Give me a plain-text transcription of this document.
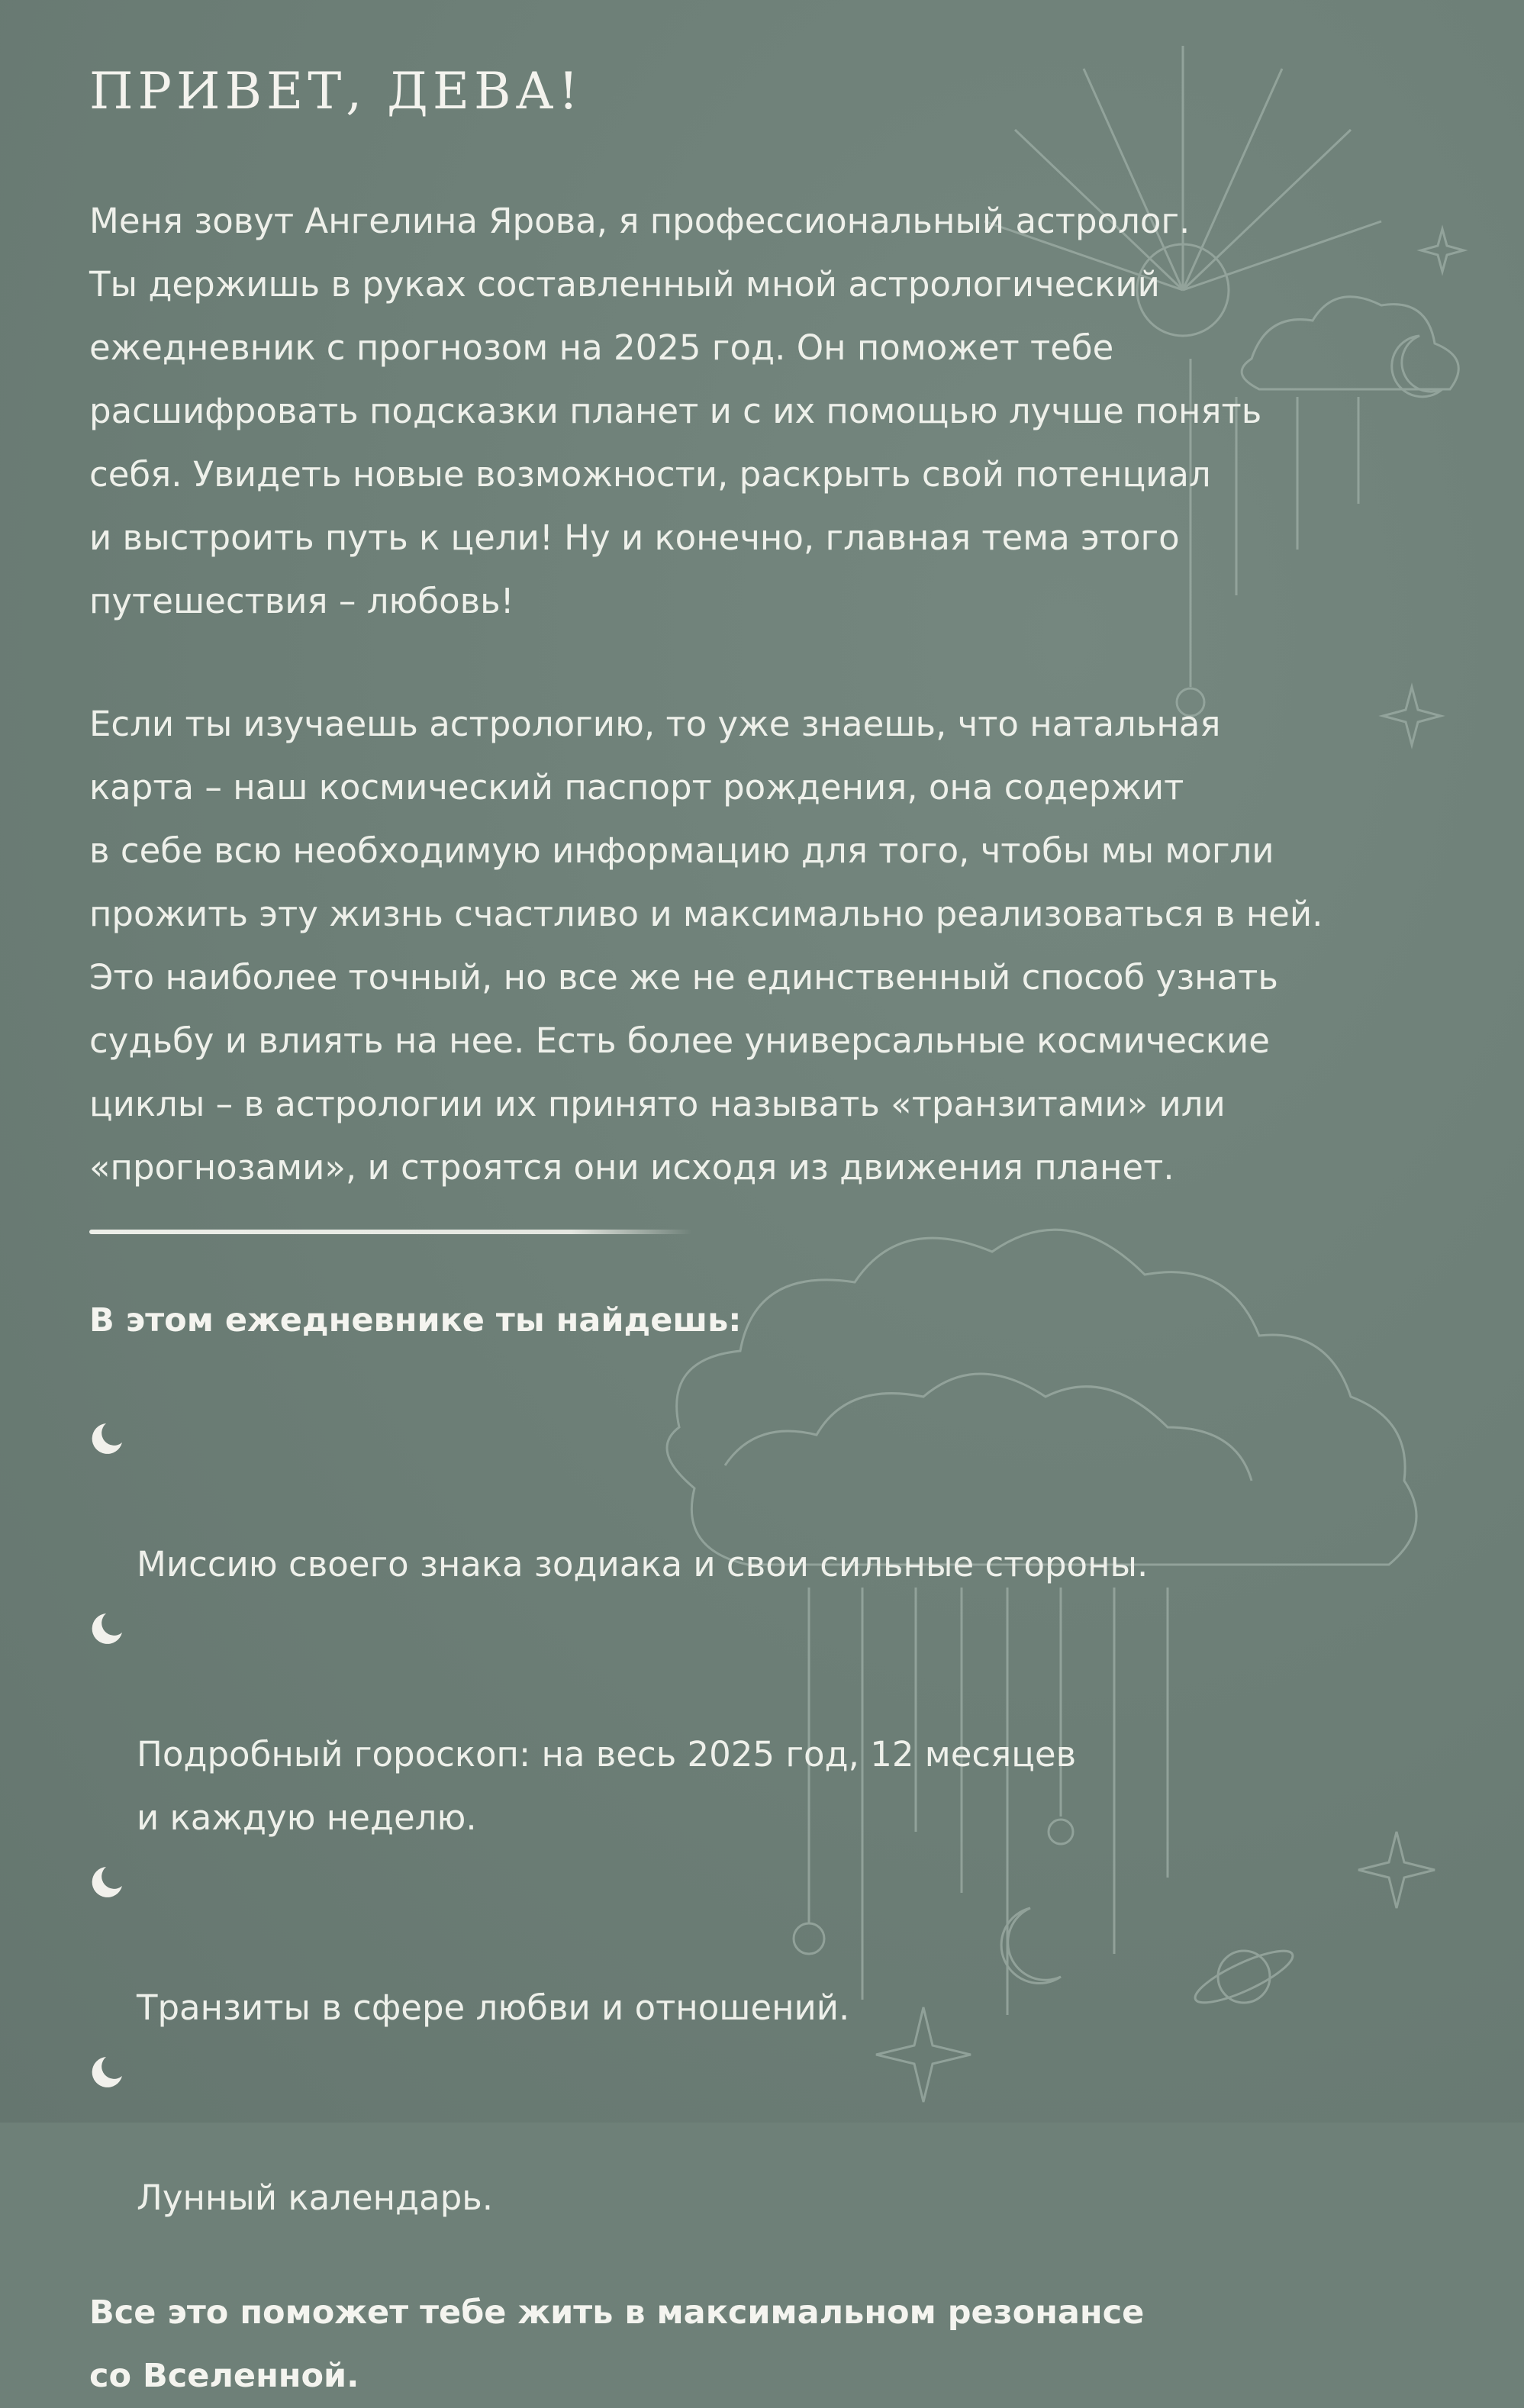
ПРИВЕТ, ДЕВА!

Меня зовут Ангелина Ярова, я профессиональный астролог.
Ты держишь в руках составленный мной астрологический
ежедневник с прогнозом на 2025 год. Он поможет тебе
расшифровать подсказки планет и с их помощью лучше понять
себя. Увидеть новые возможности, раскрыть свой потенциал
и выстроить путь к цели! Ну и конечно, главная тема этого
путешествия – любовь!

Если ты изучаешь астрологию, то уже знаешь, что натальная
карта – наш космический паспорт рождения, она содержит
в себе всю необходимую информацию для того, чтобы мы могли
прожить эту жизнь счастливо и максимально реализоваться в ней.
Это наиболее точный, но все же не единственный способ узнать
судьбу и влиять на нее. Есть более универсальные космические
циклы – в астрологии их принято называть «транзитами» или
«прогнозами», и строятся они исходя из движения планет.

В этом ежедневнике ты найдешь:

Миссию своего знака зодиака и свои сильные стороны.

Подробный гороскоп: на весь 2025 год, 12 месяцев
и каждую неделю.

Транзиты в сфере любви и отношений.

Лунный календарь.

Все это поможет тебе жить в максимальном резонансе
со Вселенной.
